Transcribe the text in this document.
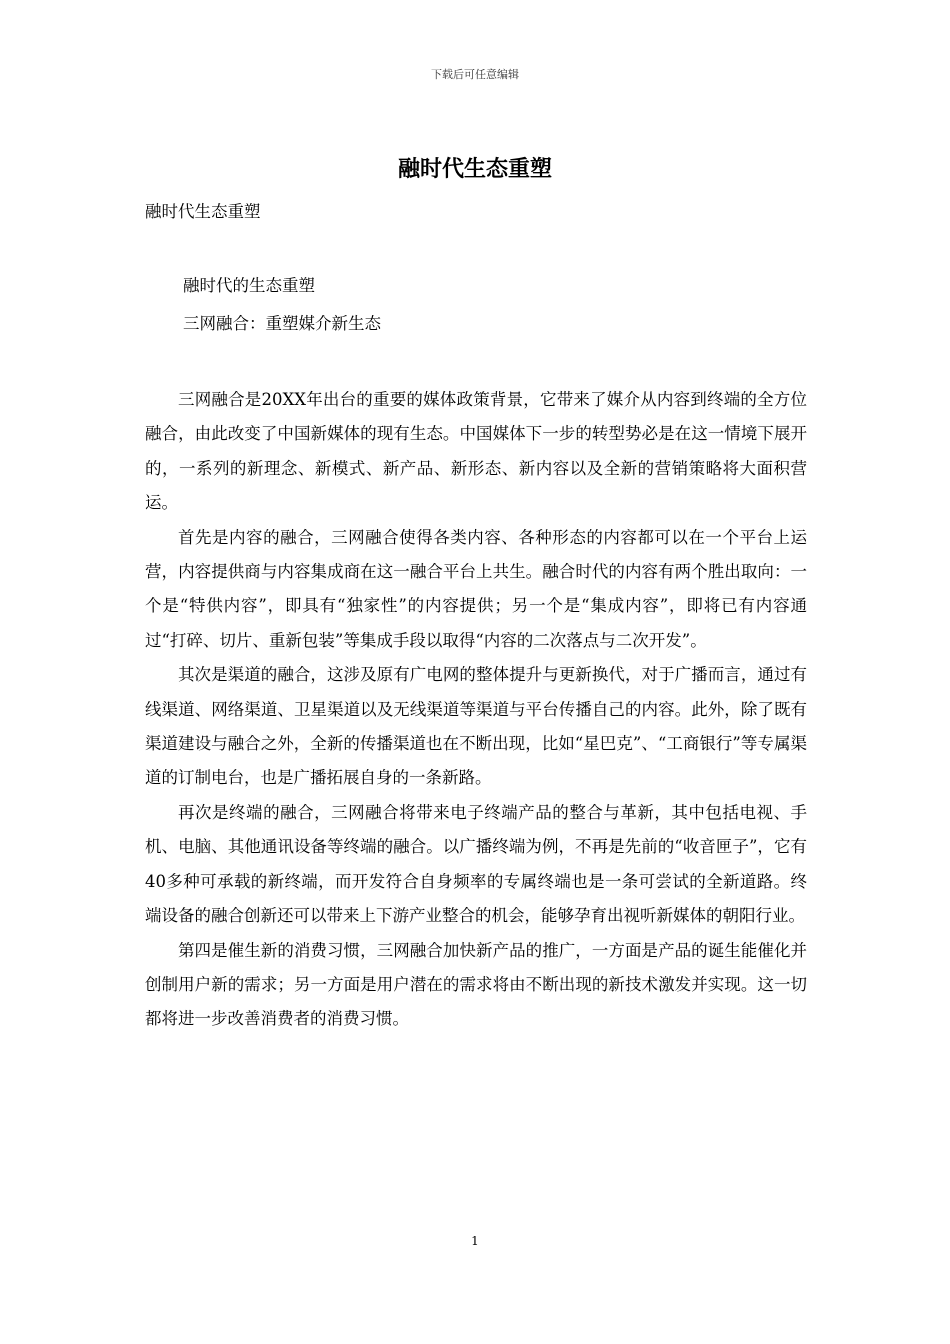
下载后可任意编辑
融时代生态重塑
融时代生态重塑
融时代的生态重塑
三网融合：重塑媒介新生态

三网融合是20XX年出台的重要的媒体政策背景，它带来了媒介从内容到终端的全方位融合，由此改变了中国新媒体的现有生态。中国媒体下一步的转型势必是在这一情境下展开的，一系列的新理念、新模式、新产品、新形态、新内容以及全新的营销策略将大面积营运。

首先是内容的融合，三网融合使得各类内容、各种形态的内容都可以在一个平台上运营，内容提供商与内容集成商在这一融合平台上共生。融合时代的内容有两个胜出取向：一个是“特供内容”，即具有“独家性”的内容提供；另一个是“集成内容”，即将已有内容通过“打碎、切片、重新包装”等集成手段以取得“内容的二次落点与二次开发”。

其次是渠道的融合，这涉及原有广电网的整体提升与更新换代，对于广播而言，通过有线渠道、网络渠道、卫星渠道以及无线渠道等渠道与平台传播自己的内容。此外，除了既有渠道建设与融合之外，全新的传播渠道也在不断出现，比如“星巴克”、“工商银行”等专属渠道的订制电台，也是广播拓展自身的一条新路。

再次是终端的融合，三网融合将带来电子终端产品的整合与革新，其中包括电视、手机、电脑、其他通讯设备等终端的融合。以广播终端为例，不再是先前的“收音匣子”，它有40多种可承载的新终端，而开发符合自身频率的专属终端也是一条可尝试的全新道路。终端设备的融合创新还可以带来上下游产业整合的机会，能够孕育出视听新媒体的朝阳行业。

第四是催生新的消费习惯，三网融合加快新产品的推广，一方面是产品的诞生能催化并创制用户新的需求；另一方面是用户潜在的需求将由不断出现的新技术激发并实现。这一切都将进一步改善消费者的消费习惯。

1
